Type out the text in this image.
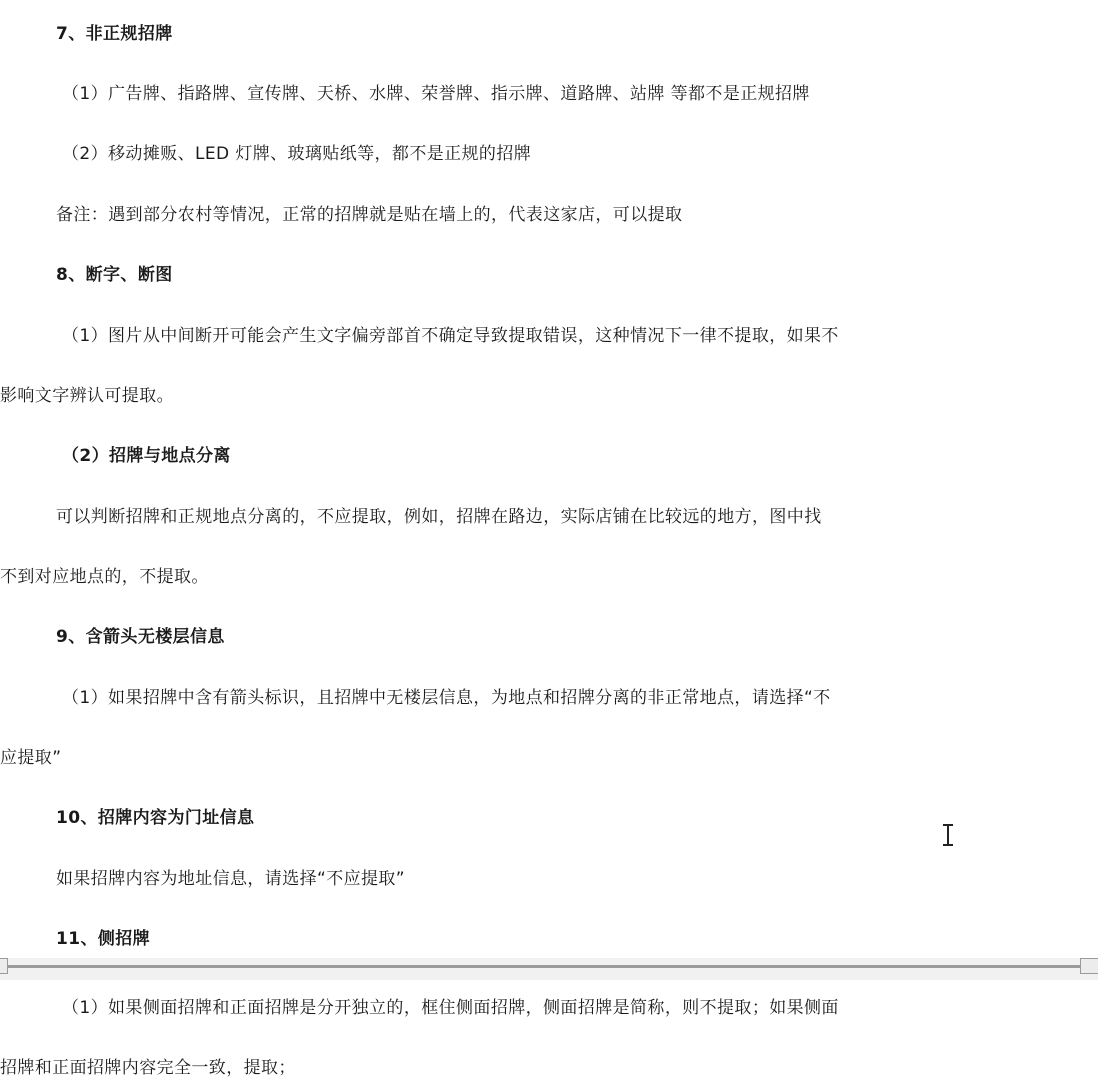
7、非正规招牌
（1）广告牌、指路牌、宣传牌、天桥、水牌、荣誉牌、指示牌、道路牌、站牌 等都不是正规招牌
（2）移动摊贩、LED 灯牌、玻璃贴纸等，都不是正规的招牌
备注：遇到部分农村等情况，正常的招牌就是贴在墙上的，代表这家店，可以提取
8、断字、断图
（1）图片从中间断开可能会产生文字偏旁部首不确定导致提取错误，这种情况下一律不提取，如果不
影响文字辨认可提取。
（2）招牌与地点分离
可以判断招牌和正规地点分离的，不应提取，例如，招牌在路边，实际店铺在比较远的地方，图中找
不到对应地点的，不提取。
9、含箭头无楼层信息
（1）如果招牌中含有箭头标识，且招牌中无楼层信息，为地点和招牌分离的非正常地点，请选择“不
应提取”
10、招牌内容为门址信息
如果招牌内容为地址信息，请选择“不应提取”
11、侧招牌
（1）如果侧面招牌和正面招牌是分开独立的，框住侧面招牌，侧面招牌是简称，则不提取；如果侧面
招牌和正面招牌内容完全一致，提取；
